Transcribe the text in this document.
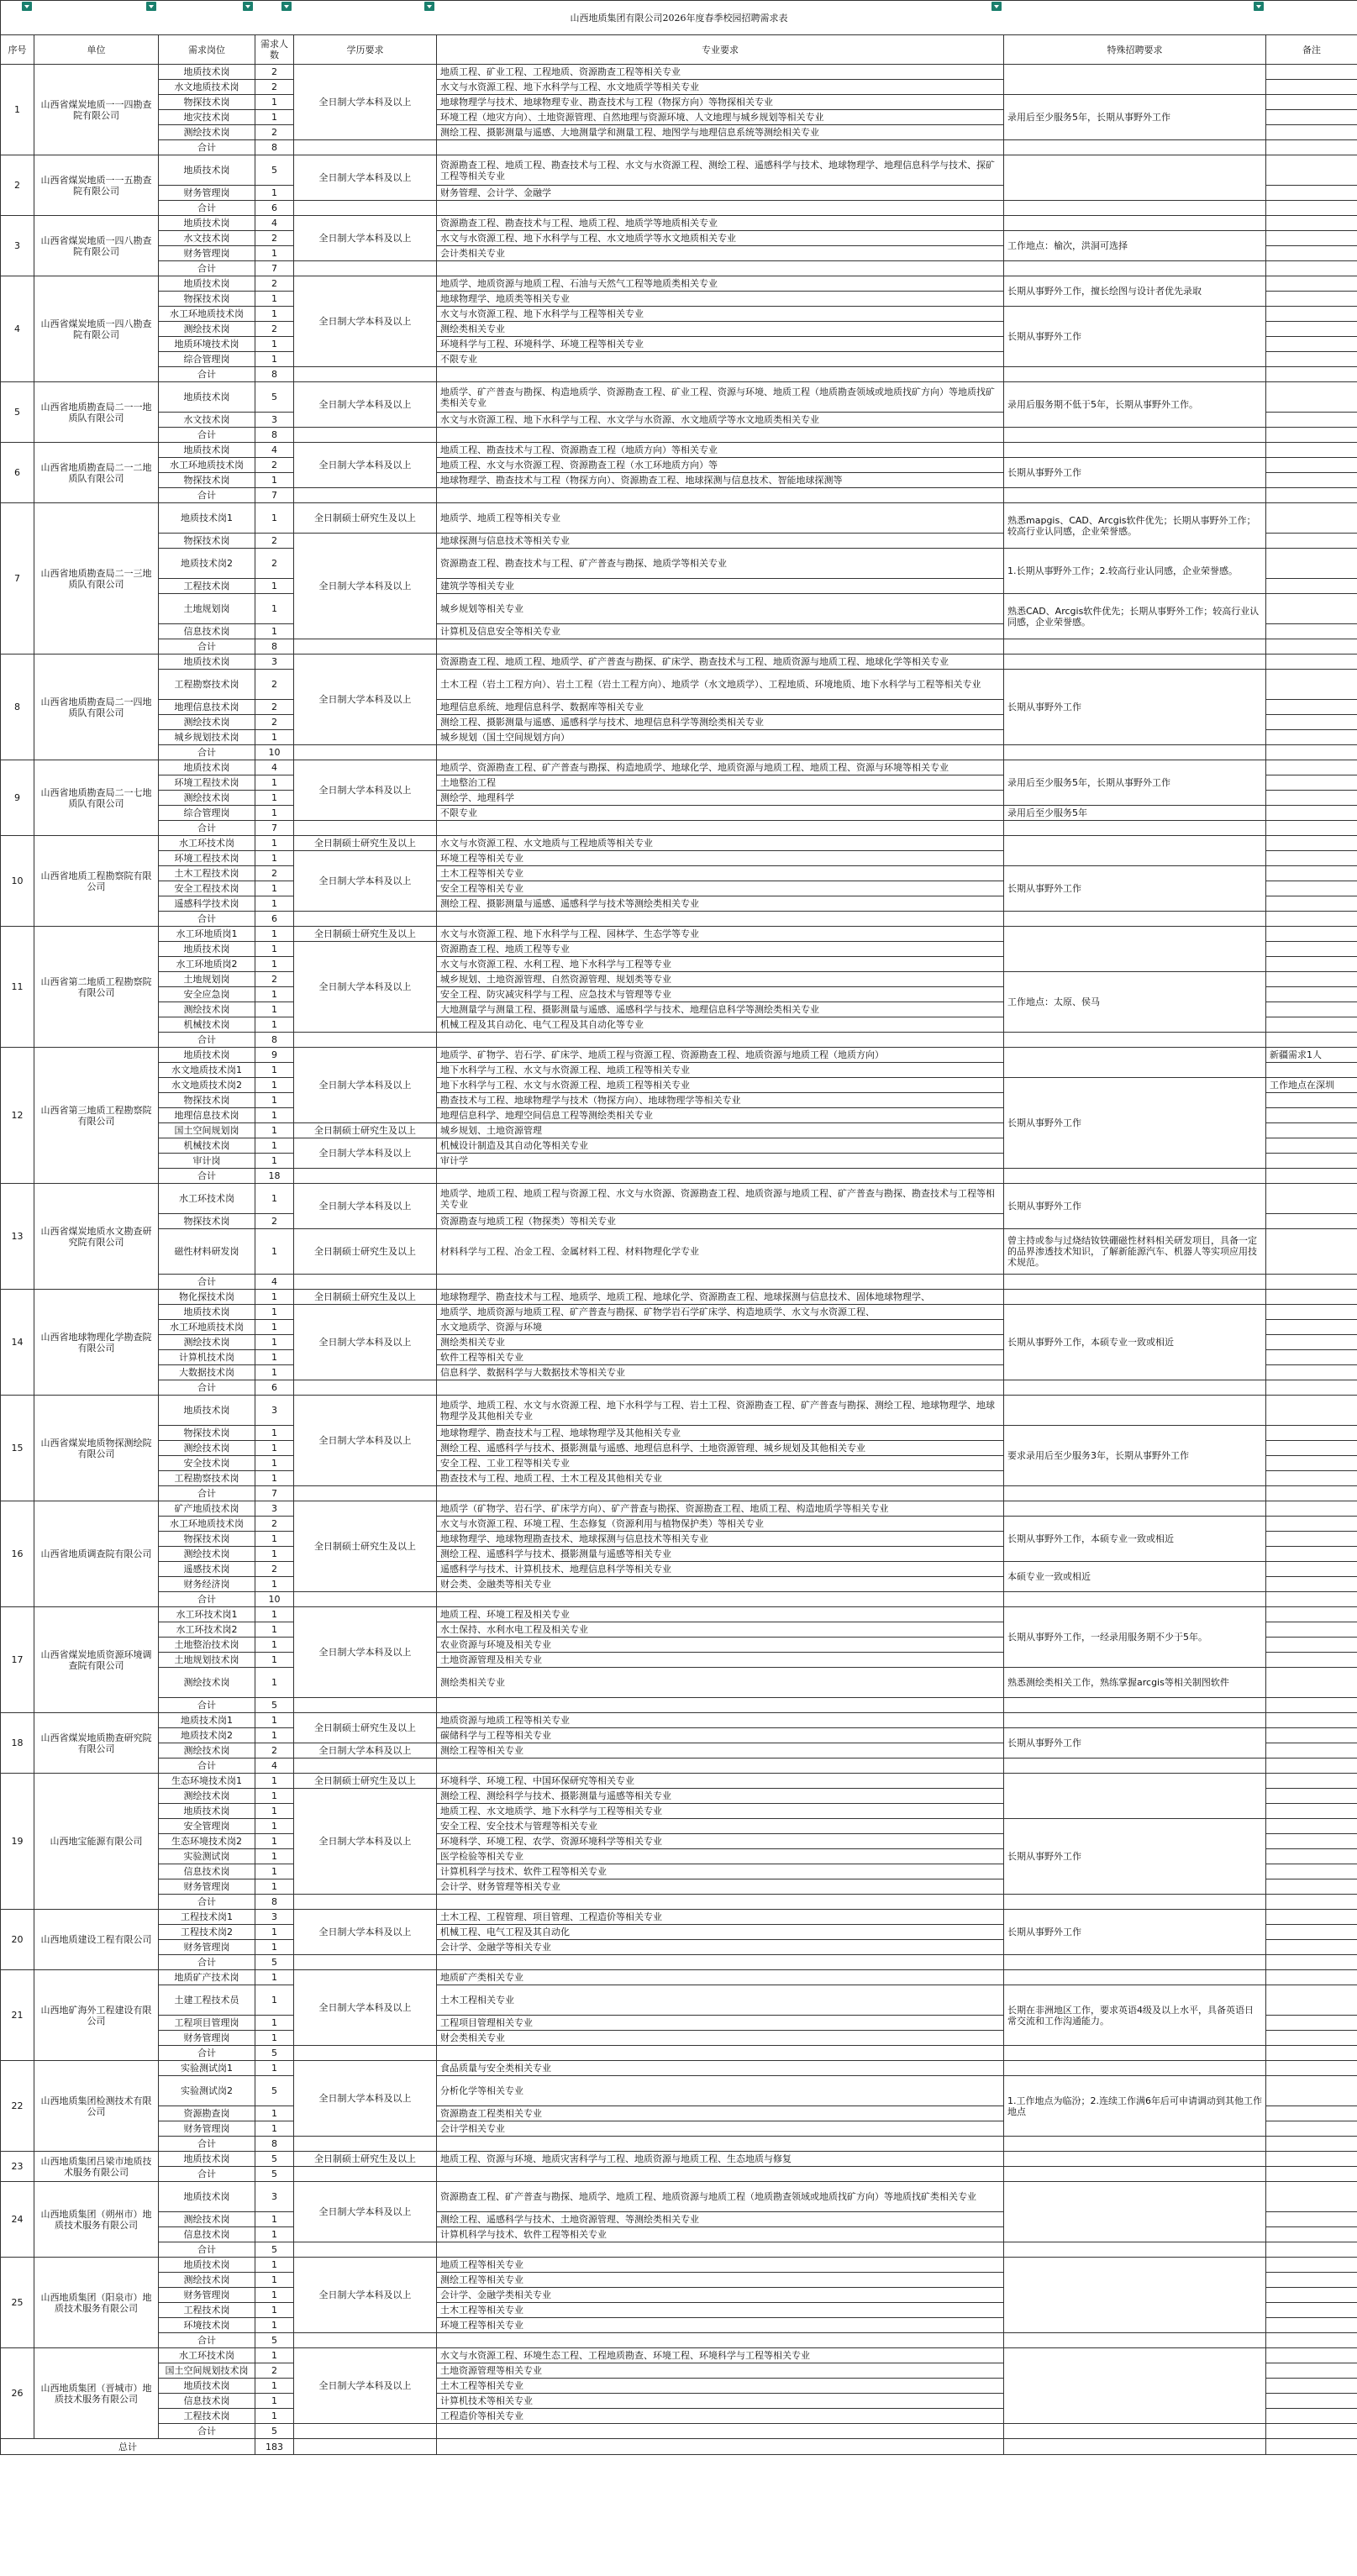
山西地质集团有限公司2026年度春季校园招聘需求表							
序号	单位	需求岗位	需求人数	学历要求	专业要求	特殊招聘要求	备注
1	山西省煤炭地质一一四勘查院有限公司	地质技术岗	2	全日制大学本科及以上	地质工程、矿业工程、工程地质、资源勘查工程等相关专业		
		水文地质技术岗	2		水文与水资源工程、地下水科学与工程、水文地质学等相关专业		
		物探技术岗	1		地球物理学与技术、地球物理专业、勘查技术与工程（物探方向）等物探相关专业	录用后至少服务5年，长期从事野外工作	
		地灾技术岗	1		环境工程（地灾方向）、土地资源管理、自然地理与资源环境、人文地理与城乡规划等相关专业		
		测绘技术岗	2		测绘工程、摄影测量与遥感、大地测量学和测量工程、地图学与地理信息系统等测绘相关专业		
		合计	8				
2	山西省煤炭地质一一五勘查院有限公司	地质技术岗	5	全日制大学本科及以上	资源勘查工程、地质工程、勘查技术与工程、水文与水资源工程、测绘工程、遥感科学与技术、地球物理学、地理信息科学与技术、探矿工程等相关专业		
		财务管理岗	1		财务管理、会计学、金融学		
		合计	6				
3	山西省煤炭地质一四八勘查院有限公司	地质技术岗	4	全日制大学本科及以上	资源勘查工程、勘查技术与工程、地质工程、地质学等地质相关专业		
		水文技术岗	2		水文与水资源工程、地下水科学与工程、水文地质学等水文地质相关专业	工作地点：榆次，洪洞可选择	
		财务管理岗	1		会计类相关专业		
		合计	7				
4	山西省煤炭地质一四八勘查院有限公司	地质技术岗	2	全日制大学本科及以上	地质学、地质资源与地质工程、石油与天然气工程等地质类相关专业	长期从事野外工作，擅长绘图与设计者优先录取	
		物探技术岗	1		地球物理学、地质类等相关专业		
		水工环地质技术岗	1		水文与水资源工程、地下水科学与工程等相关专业	长期从事野外工作	
		测绘技术岗	2		测绘类相关专业		
		地质环境技术岗	1		环境科学与工程、环境科学、环境工程等相关专业		
		综合管理岗	1		不限专业		
		合计	8				
5	山西省地质勘查局二一一地质队有限公司	地质技术岗	5	全日制大学本科及以上	地质学、矿产普查与勘探、构造地质学、资源勘查工程、矿业工程、资源与环境、地质工程（地质勘查领域或地质找矿方向）等地质找矿类相关专业	录用后服务期不低于5年，长期从事野外工作。	
		水文技术岗	3		水文与水资源工程、地下水科学与工程、水文学与水资源、水文地质学等水文地质类相关专业		
		合计	8				
6	山西省地质勘查局二一二地质队有限公司	地质技术岗	4	全日制大学本科及以上	地质工程、勘查技术与工程、资源勘查工程（地质方向）等相关专业		
		水工环地质技术岗	2		地质工程、水文与水资源工程、资源勘查工程（水工环地质方向）等	长期从事野外工作	
		物探技术岗	1		地球物理学、勘查技术与工程（物探方向）、资源勘查工程、地球探测与信息技术、智能地球探测等		
		合计	7				
7	山西省地质勘查局二一三地质队有限公司	地质技术岗1	1	全日制硕士研究生及以上	地质学、地质工程等相关专业	熟悉mapgis、CAD、Arcgis软件优先；长期从事野外工作；较高行业认同感，企业荣誉感。	
		物探技术岗	2	全日制大学本科及以上	地球探测与信息技术等相关专业		
		地质技术岗2	2		资源勘查工程、勘查技术与工程、矿产普查与勘探、地质学等相关专业	1.长期从事野外工作；2.较高行业认同感，企业荣誉感。	
		工程技术岗	1		建筑学等相关专业		
		土地规划岗	1		城乡规划等相关专业	熟悉CAD、Arcgis软件优先；长期从事野外工作；较高行业认同感，企业荣誉感。	
		信息技术岗	1		计算机及信息安全等相关专业		
		合计	8				
8	山西省地质勘查局二一四地质队有限公司	地质技术岗	3	全日制大学本科及以上	资源勘查工程、地质工程、地质学、矿产普查与勘探、矿床学、勘查技术与工程、地质资源与地质工程、地球化学等相关专业		
		工程勘察技术岗	2		土木工程（岩土工程方向）、岩土工程（岩土工程方向）、地质学（水文地质学）、工程地质、环境地质、地下水科学与工程等相关专业	长期从事野外工作	
		地理信息技术岗	2		地理信息系统、地理信息科学、数据库等相关专业		
		测绘技术岗	2		测绘工程、摄影测量与遥感、遥感科学与技术、地理信息科学等测绘类相关专业		
		城乡规划技术岗	1		城乡规划（国土空间规划方向）		
		合计	10				
9	山西省地质勘查局二一七地质队有限公司	地质技术岗	4	全日制大学本科及以上	地质学、资源勘查工程、矿产普查与勘探、构造地质学、地球化学、地质资源与地质工程、地质工程、资源与环境等相关专业	录用后至少服务5年，长期从事野外工作	
		环境工程技术岗	1		土地整治工程		
		测绘技术岗	1		测绘学、地理科学		
		综合管理岗	1		不限专业	录用后至少服务5年	
		合计	7				
10	山西省地质工程勘察院有限公司	水工环技术岗	1	全日制硕士研究生及以上	水文与水资源工程、水文地质与工程地质等相关专业		
		环境工程技术岗	1	全日制大学本科及以上	环境工程等相关专业		
		土木工程技术岗	2		土木工程等相关专业	长期从事野外工作	
		安全工程技术岗	1		安全工程等相关专业		
		遥感科学技术岗	1		测绘工程、摄影测量与遥感、遥感科学与技术等测绘类相关专业		
		合计	6				
11	山西省第二地质工程勘察院有限公司	水工环地质岗1	1	全日制硕士研究生及以上	水文与水资源工程、地下水科学与工程、园林学、生态学等专业		
		地质技术岗	1	全日制大学本科及以上	资源勘查工程、地质工程等专业		
		水工环地质岗2	1		水文与水资源工程、水利工程、地下水科学与工程等专业		
		土地规划岗	2		城乡规划、土地资源管理、自然资源管理、规划类等专业	工作地点：太原、侯马	
		安全应急岗	1		安全工程、防灾减灾科学与工程、应急技术与管理等专业		
		测绘技术岗	1		大地测量学与测量工程、摄影测量与遥感、遥感科学与技术、地理信息科学等测绘类相关专业		
		机械技术岗	1		机械工程及其自动化、电气工程及其自动化等专业		
		合计	8				
12	山西省第三地质工程勘察院有限公司	地质技术岗	9	全日制大学本科及以上	地质学、矿物学、岩石学、矿床学、地质工程与资源工程、资源勘查工程、地质资源与地质工程（地质方向）		新疆需求1人
		水文地质技术岗1	1		地下水科学与工程、水文与水资源工程、地质工程等相关专业		
		水文地质技术岗2	1		地下水科学与工程、水文与水资源工程、地质工程等相关专业	长期从事野外工作	工作地点在深圳
		物探技术岗	1		勘查技术与工程、地球物理学与技术（物探方向）、地球物理学等相关专业		
		地理信息技术岗	1		地理信息科学、地理空间信息工程等测绘类相关专业		
		国土空间规划岗	1	全日制硕士研究生及以上	城乡规划、土地资源管理		
		机械技术岗	1	全日制大学本科及以上	机械设计制造及其自动化等相关专业		
		审计岗	1		审计学		
		合计	18				
13	山西省煤炭地质水文勘查研究院有限公司	水工环技术岗	1	全日制大学本科及以上	地质学、地质工程、地质工程与资源工程、水文与水资源、资源勘查工程、地质资源与地质工程、矿产普查与勘探、勘查技术与工程等相关专业	长期从事野外工作	
		物探技术岗	2		资源勘查与地质工程（物探类）等相关专业		
		磁性材料研发岗	1	全日制硕士研究生及以上	材料科学与工程、冶金工程、金属材料工程、材料物理化学专业	曾主持或参与过烧结钕铁硼磁性材料相关研发项目，具备一定的品界渗透技术知识，了解新能源汽车、机器人等实项应用技术规范。	
		合计	4				
14	山西省地球物理化学勘查院有限公司	物化探技术岗	1	全日制硕士研究生及以上	地球物理学、勘查技术与工程、地质学、地质工程、地球化学、资源勘查工程、地球探测与信息技术、固体地球物理学、		
		地质技术岗	1	全日制大学本科及以上	地质学、地质资源与地质工程、矿产普查与勘探、矿物学岩石学矿床学、构造地质学、水文与水资源工程、	长期从事野外工作，本硕专业一致或相近	
		水工环地质技术岗	1		水文地质学、资源与环境		
		测绘技术岗	1		测绘类相关专业		
		计算机技术岗	1		软件工程等相关专业		
		大数据技术岗	1		信息科学、数据科学与大数据技术等相关专业		
		合计	6				
15	山西省煤炭地质物探测绘院有限公司	地质技术岗	3	全日制大学本科及以上	地质学、地质工程、水文与水资源工程、地下水科学与工程、岩土工程、资源勘查工程、矿产普查与勘探、测绘工程、地球物理学、地球物理学及其他相关专业		
		物探技术岗	1		地球物理学、勘查技术与工程、地球物理学及其他相关专业	要求录用后至少服务3年，长期从事野外工作	
		测绘技术岗	1		测绘工程、遥感科学与技术、摄影测量与遥感、地理信息科学、土地资源管理、城乡规划及其他相关专业		
		安全技术岗	1		安全工程、工业工程等相关专业		
		工程勘察技术岗	1		勘查技术与工程、地质工程、土木工程及其他相关专业		
		合计	7				
16	山西省地质调查院有限公司	矿产地质技术岗	3	全日制硕士研究生及以上	地质学（矿物学、岩石学、矿床学方向）、矿产普查与勘探、资源勘查工程、地质工程、构造地质学等相关专业		
		水工环地质技术岗	2		水文与水资源工程、环境工程、生态修复（资源利用与植物保护类）等相关专业	长期从事野外工作，本硕专业一致或相近	
		物探技术岗	1		地球物理学、地球物理勘查技术、地球探测与信息技术等相关专业		
		测绘技术岗	1		测绘工程、遥感科学与技术、摄影测量与遥感等相关专业		
		遥感技术岗	2		遥感科学与技术、计算机技术、地理信息科学等相关专业	本硕专业一致或相近	
		财务经济岗	1		财会类、金融类等相关专业		
		合计	10				
17	山西省煤炭地质资源环境调查院有限公司	水工环技术岗1	1	全日制大学本科及以上	地质工程、环境工程及相关专业	长期从事野外工作，一经录用服务期不少于5年。	
		水工环技术岗2	1		水土保持、水利水电工程及相关专业		
		土地整治技术岗	1		农业资源与环境及相关专业		
		土地规划技术岗	1		土地资源管理及相关专业		
		测绘技术岗	1		测绘类相关专业	熟悉测绘类相关工作，熟练掌握arcgis等相关制图软件	
		合计	5				
18	山西省煤炭地质勘查研究院有限公司	地质技术岗1	1	全日制硕士研究生及以上	地质资源与地质工程等相关专业		
		地质技术岗2	1		碳储科学与工程等相关专业	长期从事野外工作	
		测绘技术岗	2	全日制大学本科及以上	测绘工程等相关专业		
		合计	4				
19	山西地宝能源有限公司	生态环境技术岗1	1	全日制硕士研究生及以上	环境科学、环境工程、中国环保研究等相关专业		
		测绘技术岗	1	全日制大学本科及以上	测绘工程、测绘科学与技术、摄影测量与遥感等相关专业		
		地质技术岗	1		地质工程、水文地质学、地下水科学与工程等相关专业		
		安全管理岗	1		安全工程、安全技术与管理等相关专业	长期从事野外工作	
		生态环境技术岗2	1		环境科学、环境工程、农学、资源环境科学等相关专业		
		实验测试岗	1		医学检验等相关专业		
		信息技术岗	1		计算机科学与技术、软件工程等相关专业		
		财务管理岗	1		会计学、财务管理等相关专业		
		合计	8				
20	山西地质建设工程有限公司	工程技术岗1	3	全日制大学本科及以上	土木工程、工程管理、项目管理、工程造价等相关专业	长期从事野外工作	
		工程技术岗2	1		机械工程、电气工程及其自动化		
		财务管理岗	1		会计学、金融学等相关专业		
		合计	5				
21	山西地矿海外工程建设有限公司	地质矿产技术岗	1	全日制大学本科及以上	地质矿产类相关专业		
		土建工程技术员	1		土木工程相关专业	长期在非洲地区工作，要求英语4级及以上水平，具备英语日常交流和工作沟通能力。	
		工程项目管理岗	1		工程项目管理相关专业		
		财务管理岗	1		财会类相关专业		
		合计	5				
22	山西地质集团检测技术有限公司	实验测试岗1	1	全日制大学本科及以上	食品质量与安全类相关专业		
		实验测试岗2	5		分析化学等相关专业	1.工作地点为临汾；2.连续工作满6年后可申请调动到其他工作地点	
		资源勘查岗	1		资源勘查工程类相关专业		
		财务管理岗	1		会计学相关专业		
		合计	8				
23	山西地质集团吕梁市地质技术服务有限公司	地质技术岗	5	全日制硕士研究生及以上	地质工程、资源与环境、地质灾害科学与工程、地质资源与地质工程、生态地质与修复		
		合计	5				
24	山西地质集团（朔州市）地质技术服务有限公司	地质技术岗	3	全日制大学本科及以上	资源勘查工程、矿产普查与勘探、地质学、地质工程、地质资源与地质工程（地质勘查领域或地质找矿方向）等地质找矿类相关专业		
		测绘技术岗	1		测绘工程、遥感科学与技术、土地资源管理、等测绘类相关专业		
		信息技术岗	1		计算机科学与技术、软件工程等相关专业		
		合计	5				
25	山西地质集团（阳泉市）地质技术服务有限公司	地质技术岗	1	全日制大学本科及以上	地质工程等相关专业		
		测绘技术岗	1		测绘工程等相关专业		
		财务管理岗	1		会计学、金融学类相关专业		
		工程技术岗	1		土木工程等相关专业		
		环境技术岗	1		环境工程等相关专业		
		合计	5				
26	山西地质集团（晋城市）地质技术服务有限公司	水工环技术岗	1	全日制大学本科及以上	水文与水资源工程、环境生态工程、工程地质勘查、环境工程、环境科学与工程等相关专业		
		国土空间规划技术岗	2		土地资源管理等相关专业		
		地质技术岗	1		土木工程等相关专业		
		信息技术岗	1		计算机技术等相关专业		
		工程技术岗	1		工程造价等相关专业		
		合计	5				
总计			183				
